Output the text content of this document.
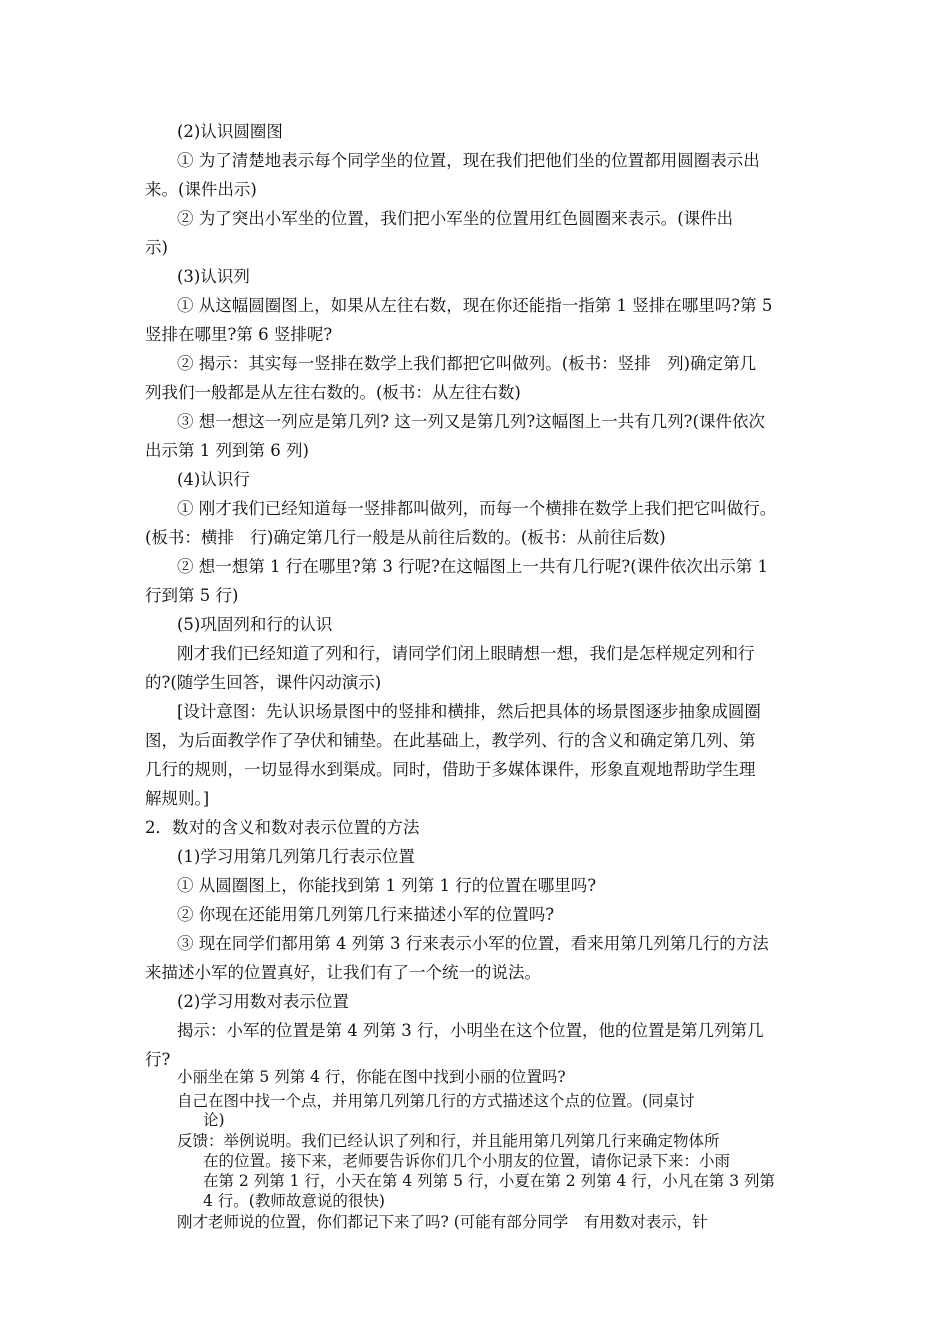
(2)认识圆圈图
① 为了清楚地表示每个同学坐的位置，现在我们把他们坐的位置都用圆圈表示出
来。(课件出示)
② 为了突出小军坐的位置，我们把小军坐的位置用红色圆圈来表示。(课件出
示)
(3)认识列
① 从这幅圆圈图上，如果从左往右数，现在你还能指一指第 1 竖排在哪里吗?第 5
竖排在哪里?第 6 竖排呢?
② 揭示：其实每一竖排在数学上我们都把它叫做列。(板书：竖排　列)确定第几
列我们一般都是从左往右数的。(板书：从左往右数)
③ 想一想这一列应是第几列? 这一列又是第几列?这幅图上一共有几列?(课件依次
出示第 1 列到第 6 列)
(4)认识行
① 刚才我们已经知道每一竖排都叫做列，而每一个横排在数学上我们把它叫做行。
(板书：横排　行)确定第几行一般是从前往后数的。(板书：从前往后数)
② 想一想第 1 行在哪里?第 3 行呢?在这幅图上一共有几行呢?(课件依次出示第 1
行到第 5 行)
(5)巩固列和行的认识
刚才我们已经知道了列和行，请同学们闭上眼睛想一想，我们是怎样规定列和行
的?(随学生回答，课件闪动演示)
[设计意图：先认识场景图中的竖排和横排，然后把具体的场景图逐步抽象成圆圈
图，为后面教学作了孕伏和铺垫。在此基础上，教学列、行的含义和确定第几列、第
几行的规则，一切显得水到渠成。同时，借助于多媒体课件，形象直观地帮助学生理
解规则。]
2．数对的含义和数对表示位置的方法
(1)学习用第几列第几行表示位置
① 从圆圈图上，你能找到第 1 列第 1 行的位置在哪里吗?
② 你现在还能用第几列第几行来描述小军的位置吗?
③ 现在同学们都用第 4 列第 3 行来表示小军的位置，看来用第几列第几行的方法
来描述小军的位置真好，让我们有了一个统一的说法。
(2)学习用数对表示位置
揭示：小军的位置是第 4 列第 3 行，小明坐在这个位置，他的位置是第几列第几
行?
小丽坐在第 5 列第 4 行，你能在图中找到小丽的位置吗?
自己在图中找一个点，并用第几列第几行的方式描述这个点的位置。(同桌讨
论)
反馈：举例说明。我们已经认识了列和行，并且能用第几列第几行来确定物体所
在的位置。接下来，老师要告诉你们几个小朋友的位置，请你记录下来：小雨
在第 2 列第 1 行，小天在第 4 列第 5 行，小夏在第 2 列第 4 行，小凡在第 3 列第
4 行。(教师故意说的很快)
刚才老师说的位置，你们都记下来了吗? (可能有部分同学　有用数对表示，针
